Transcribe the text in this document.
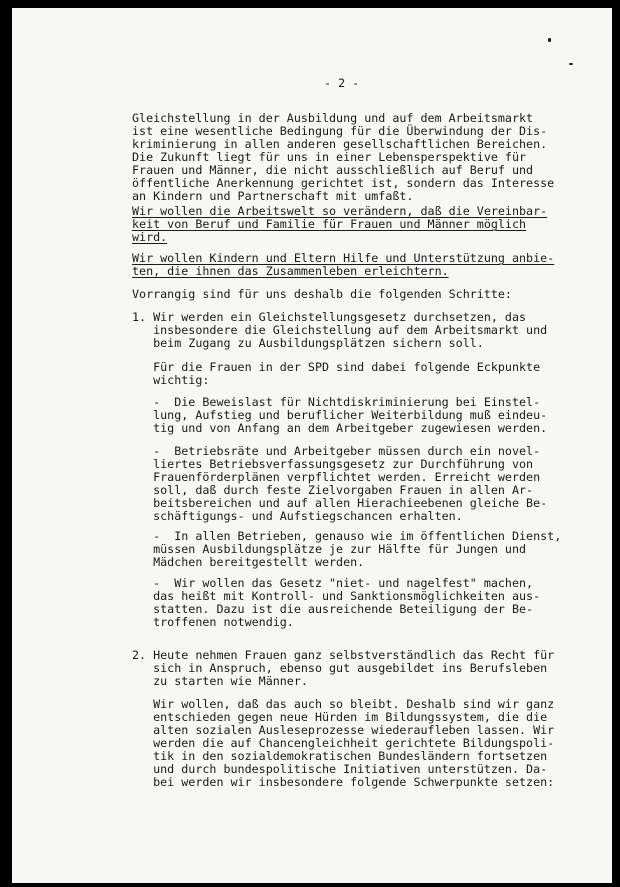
- 2 -
Gleichstellung in der Ausbildung und auf dem Arbeitsmarkt
ist eine wesentliche Bedingung für die Überwindung der Dis-
kriminierung in allen anderen gesellschaftlichen Bereichen.
Die Zukunft liegt für uns in einer Lebensperspektive für
Frauen und Männer, die nicht ausschließlich auf Beruf und
öffentliche Anerkennung gerichtet ist, sondern das Interesse
an Kindern und Partnerschaft mit umfaßt.
Wir wollen die Arbeitswelt so verändern, daß die Vereinbar-
keit von Beruf und Familie für Frauen und Männer möglich
wird.
Wir wollen Kindern und Eltern Hilfe und Unterstützung anbie-
ten, die ihnen das Zusammenleben erleichtern.
Vorrangig sind für uns deshalb die folgenden Schritte:
1. Wir werden ein Gleichstellungsgesetz durchsetzen, das
insbesondere die Gleichstellung auf dem Arbeitsmarkt und
beim Zugang zu Ausbildungsplätzen sichern soll.
Für die Frauen in der SPD sind dabei folgende Eckpunkte
wichtig:
-  Die Beweislast für Nichtdiskriminierung bei Einstel-
lung, Aufstieg und beruflicher Weiterbildung muß eindeu-
tig und von Anfang an dem Arbeitgeber zugewiesen werden.
-  Betriebsräte und Arbeitgeber müssen durch ein novel-
liertes Betriebsverfassungsgesetz zur Durchführung von
Frauenförderplänen verpflichtet werden. Erreicht werden
soll, daß durch feste Zielvorgaben Frauen in allen Ar-
beitsbereichen und auf allen Hierachieebenen gleiche Be-
schäftigungs- und Aufstiegschancen erhalten.
-  In allen Betrieben, genauso wie im öffentlichen Dienst,
müssen Ausbildungsplätze je zur Hälfte für Jungen und
Mädchen bereitgestellt werden.
-  Wir wollen das Gesetz "niet- und nagelfest" machen,
das heißt mit Kontroll- und Sanktionsmöglichkeiten aus-
statten. Dazu ist die ausreichende Beteiligung der Be-
troffenen notwendig.
2. Heute nehmen Frauen ganz selbstverständlich das Recht für
sich in Anspruch, ebenso gut ausgebildet ins Berufsleben
zu starten wie Männer.
Wir wollen, daß das auch so bleibt. Deshalb sind wir ganz
entschieden gegen neue Hürden im Bildungssystem, die die
alten sozialen Ausleseprozesse wiederaufleben lassen. Wir
werden die auf Chancengleichheit gerichtete Bildungspoli-
tik in den sozialdemokratischen Bundesländern fortsetzen
und durch bundespolitische Initiativen unterstützen. Da-
bei werden wir insbesondere folgende Schwerpunkte setzen:
